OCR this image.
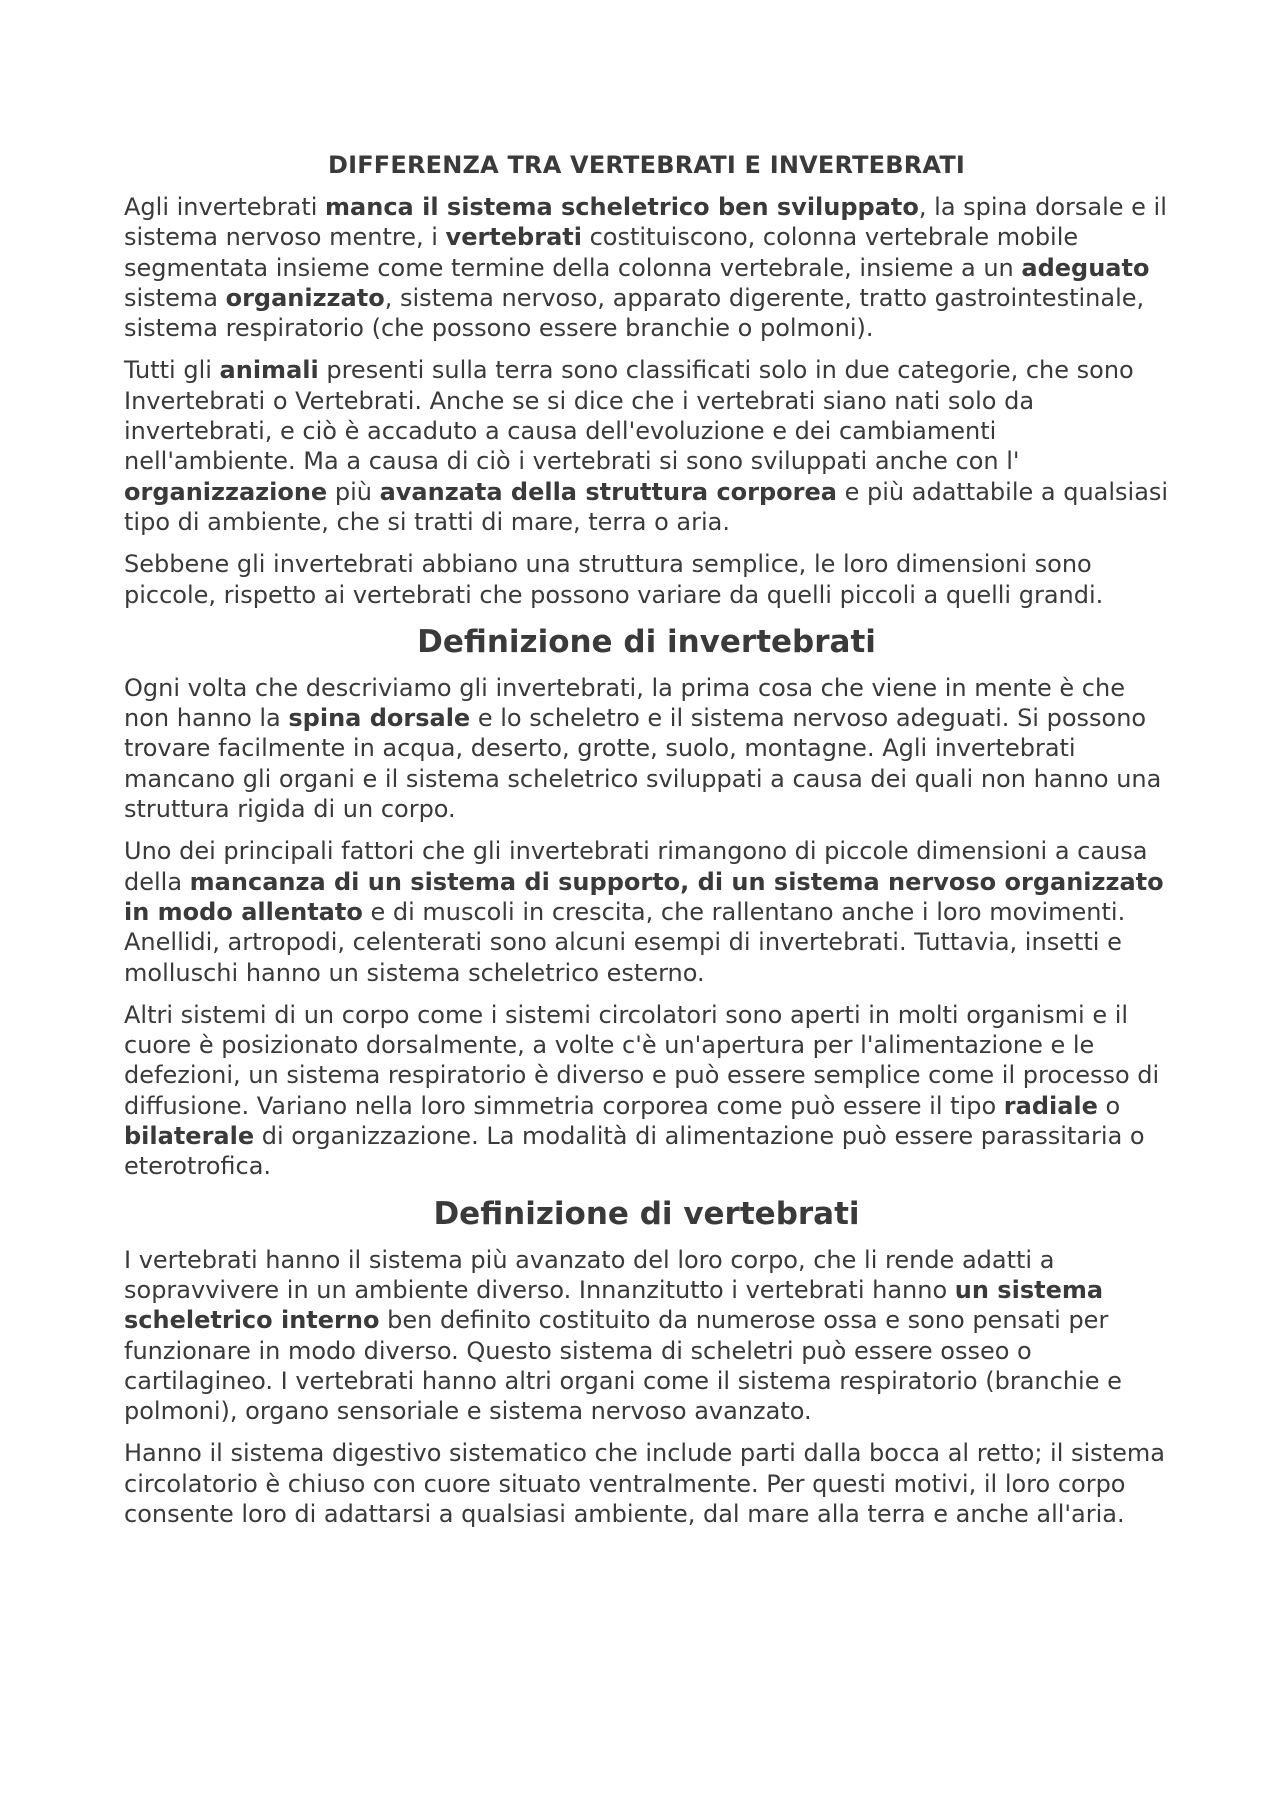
DIFFERENZA TRA VERTEBRATI E INVERTEBRATI

Agli invertebrati manca il sistema scheletrico ben sviluppato, la spina dorsale e il sistema nervoso mentre, i vertebrati costituiscono, colonna vertebrale mobile segmentata insieme come termine della colonna vertebrale, insieme a un adeguato sistema organizzato, sistema nervoso, apparato digerente, tratto gastrointestinale, sistema respiratorio (che possono essere branchie o polmoni).

Tutti gli animali presenti sulla terra sono classificati solo in due categorie, che sono Invertebrati o Vertebrati. Anche se si dice che i vertebrati siano nati solo da invertebrati, e ciò è accaduto a causa dell'evoluzione e dei cambiamenti nell'ambiente. Ma a causa di ciò i vertebrati si sono sviluppati anche con l' organizzazione più avanzata della struttura corporea e più adattabile a qualsiasi tipo di ambiente, che si tratti di mare, terra o aria.

Sebbene gli invertebrati abbiano una struttura semplice, le loro dimensioni sono piccole, rispetto ai vertebrati che possono variare da quelli piccoli a quelli grandi.

Definizione di invertebrati

Ogni volta che descriviamo gli invertebrati, la prima cosa che viene in mente è che non hanno la spina dorsale e lo scheletro e il sistema nervoso adeguati. Si possono trovare facilmente in acqua, deserto, grotte, suolo, montagne. Agli invertebrati mancano gli organi e il sistema scheletrico sviluppati a causa dei quali non hanno una struttura rigida di un corpo.

Uno dei principali fattori che gli invertebrati rimangono di piccole dimensioni a causa della mancanza di un sistema di supporto, di un sistema nervoso organizzato in modo allentato e di muscoli in crescita, che rallentano anche i loro movimenti. Anellidi, artropodi, celenterati sono alcuni esempi di invertebrati. Tuttavia, insetti e molluschi hanno un sistema scheletrico esterno.

Altri sistemi di un corpo come i sistemi circolatori sono aperti in molti organismi e il cuore è posizionato dorsalmente, a volte c'è un'apertura per l'alimentazione e le defezioni, un sistema respiratorio è diverso e può essere semplice come il processo di diffusione. Variano nella loro simmetria corporea come può essere il tipo radiale o bilaterale di organizzazione. La modalità di alimentazione può essere parassitaria o eterotrofica.

Definizione di vertebrati

I vertebrati hanno il sistema più avanzato del loro corpo, che li rende adatti a sopravvivere in un ambiente diverso. Innanzitutto i vertebrati hanno un sistema scheletrico interno ben definito costituito da numerose ossa e sono pensati per funzionare in modo diverso. Questo sistema di scheletri può essere osseo o cartilagineo. I vertebrati hanno altri organi come il sistema respiratorio (branchie e polmoni), organo sensoriale e sistema nervoso avanzato.

Hanno il sistema digestivo sistematico che include parti dalla bocca al retto; il sistema circolatorio è chiuso con cuore situato ventralmente. Per questi motivi, il loro corpo consente loro di adattarsi a qualsiasi ambiente, dal mare alla terra e anche all'aria.
